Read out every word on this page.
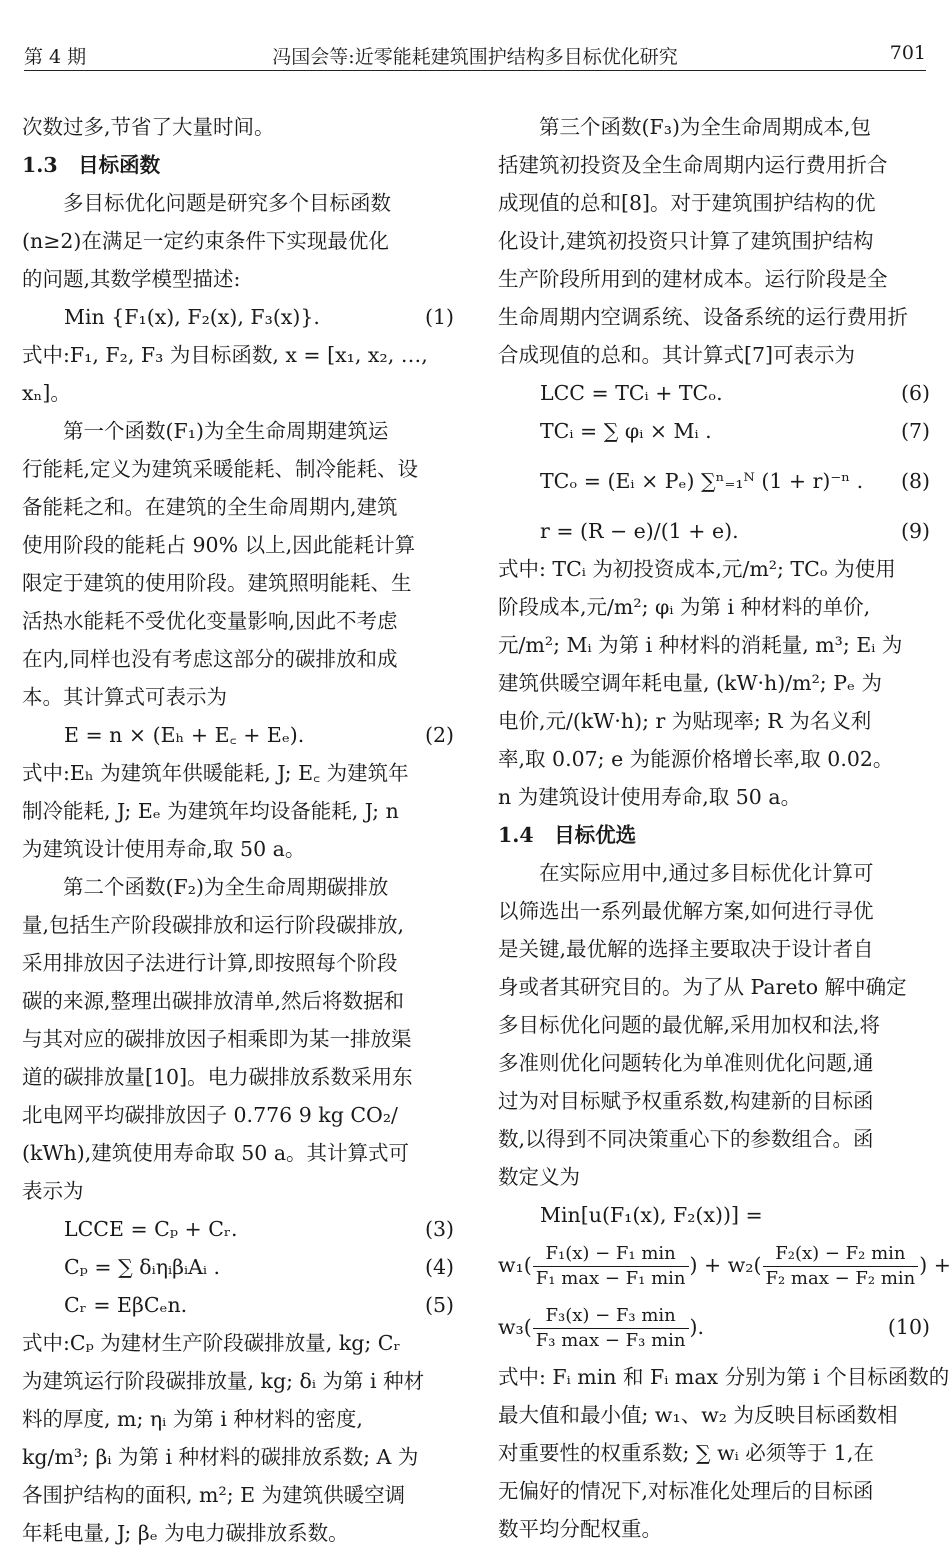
第 4 期	冯国会等:近零能耗建筑围护结构多目标优化研究	701
次数过多,节省了大量时间。
1.3　目标函数
多目标优化问题是研究多个目标函数
(n≥2)在满足一定约束条件下实现最优化
的问题,其数学模型描述:
Min {F₁(x), F₂(x), F₃(x)}.	(1)
式中:F₁, F₂, F₃ 为目标函数, x = [x₁, x₂, …,
xₙ]。
第一个函数(F₁)为全生命周期建筑运
行能耗,定义为建筑采暖能耗、制冷能耗、设
备能耗之和。在建筑的全生命周期内,建筑
使用阶段的能耗占 90% 以上,因此能耗计算
限定于建筑的使用阶段。建筑照明能耗、生
活热水能耗不受优化变量影响,因此不考虑
在内,同样也没有考虑这部分的碳排放和成
本。其计算式可表示为
E = n × (Eₕ + E꜀ + Eₑ).	(2)
式中:Eₕ 为建筑年供暖能耗, J; E꜀ 为建筑年
制冷能耗, J; Eₑ 为建筑年均设备能耗, J; n
为建筑设计使用寿命,取 50 a。
第二个函数(F₂)为全生命周期碳排放
量,包括生产阶段碳排放和运行阶段碳排放,
采用排放因子法进行计算,即按照每个阶段
碳的来源,整理出碳排放清单,然后将数据和
与其对应的碳排放因子相乘即为某一排放渠
道的碳排放量[10]。电力碳排放系数采用东
北电网平均碳排放因子 0.776 9 kg CO₂/
(kWh),建筑使用寿命取 50 a。其计算式可
表示为
LCCE = Cₚ + Cᵣ.	(3)
Cₚ = ∑ δᵢηᵢβᵢAᵢ .	(4)
Cᵣ = EβCₑn.	(5)
式中:Cₚ 为建材生产阶段碳排放量, kg; Cᵣ
为建筑运行阶段碳排放量, kg; δᵢ 为第 i 种材
料的厚度, m; ηᵢ 为第 i 种材料的密度,
kg/m³; βᵢ 为第 i 种材料的碳排放系数; A 为
各围护结构的面积, m²; E 为建筑供暖空调
年耗电量, J; βₑ 为电力碳排放系数。
第三个函数(F₃)为全生命周期成本,包
括建筑初投资及全生命周期内运行费用折合
成现值的总和[8]。对于建筑围护结构的优
化设计,建筑初投资只计算了建筑围护结构
生产阶段所用到的建材成本。运行阶段是全
生命周期内空调系统、设备系统的运行费用折
合成现值的总和。其计算式[7]可表示为
LCC = TCᵢ + TCₒ.	(6)
TCᵢ = ∑ φᵢ × Mᵢ .	(7)
TCₒ = (Eᵢ × Pₑ) ∑ⁿ₌₁ᴺ (1 + r)⁻ⁿ . (8)
r = (R − e)/(1 + e).	(9)
式中: TCᵢ 为初投资成本,元/m²; TCₒ 为使用
阶段成本,元/m²; φᵢ 为第 i 种材料的单价,
元/m²; Mᵢ 为第 i 种材料的消耗量, m³; Eᵢ 为
建筑供暖空调年耗电量, (kW·h)/m²; Pₑ 为
电价,元/(kW·h); r 为贴现率; R 为名义利
率,取 0.07; e 为能源价格增长率,取 0.02。
n 为建筑设计使用寿命,取 50 a。
1.4　目标优选
在实际应用中,通过多目标优化计算可
以筛选出一系列最优解方案,如何进行寻优
是关键,最优解的选择主要取决于设计者自
身或者其研究目的。为了从 Pareto 解中确定
多目标优化问题的最优解,采用加权和法,将
多准则优化问题转化为单准则优化问题,通
过为对目标赋予权重系数,构建新的目标函
数,以得到不同决策重心下的参数组合。函
数定义为
Min[u(F₁(x), F₂(x))] =
$w_1( \frac{\text{F₁(x) − F₁ min}}{\text{F₁ max − F₁ min}}$ ) + $w_2( \frac{\text{F₂(x) − F₂ min}}{\text{F₂ max − F₂ min}}$ ) +
$w_3( \frac{\text{F₃(x) − F₃ min}}{\text{F₃ max − F₃ min}}$ ).	(10)
式中: Fᵢ min 和 Fᵢ max 分别为第 i 个目标函数的
最大值和最小值; w₁、w₂ 为反映目标函数相
对重要性的权重系数; ∑ wᵢ 必须等于 1,在
无偏好的情况下,对标准化处理后的目标函
数平均分配权重。
